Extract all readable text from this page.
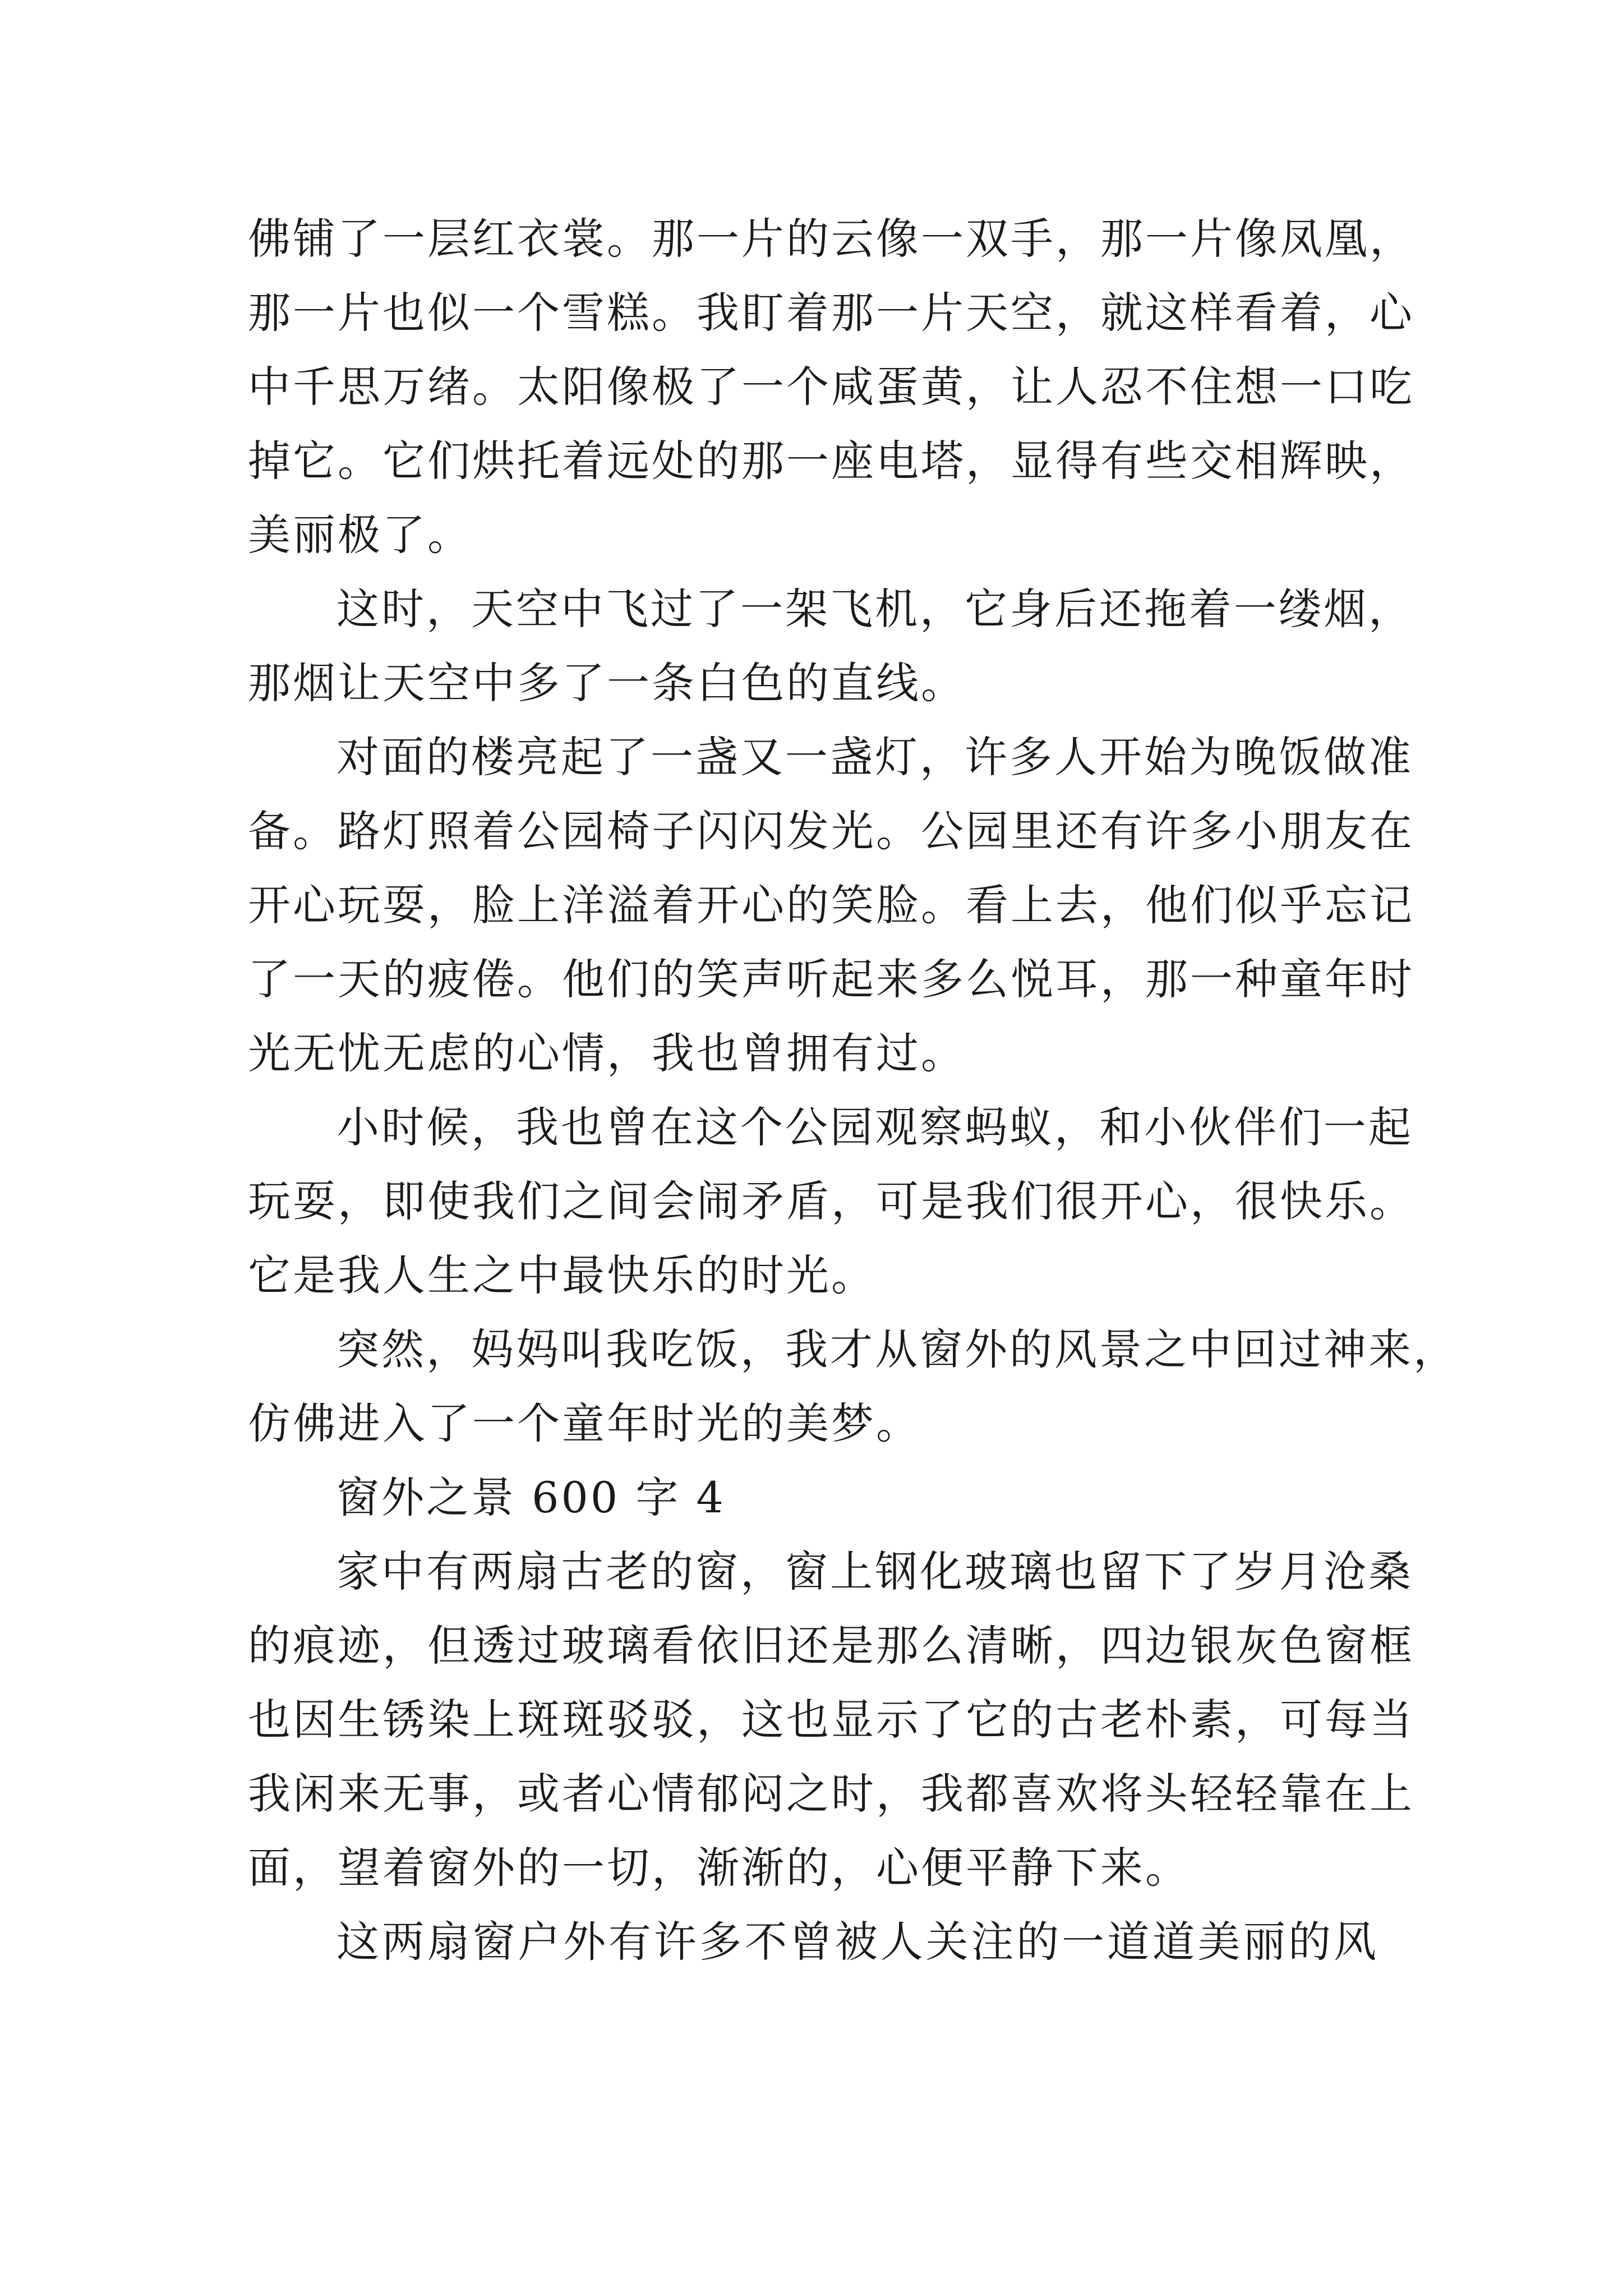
佛铺了一层红衣裳。那一片的云像一双手，那一片像凤凰，
那一片也似一个雪糕。我盯着那一片天空，就这样看着，心
中千思万绪。太阳像极了一个咸蛋黄，让人忍不住想一口吃
掉它。它们烘托着远处的那一座电塔，显得有些交相辉映，
美丽极了。
这时，天空中飞过了一架飞机，它身后还拖着一缕烟，
那烟让天空中多了一条白色的直线。
对面的楼亮起了一盏又一盏灯，许多人开始为晚饭做准
备。路灯照着公园椅子闪闪发光。公园里还有许多小朋友在
开心玩耍，脸上洋溢着开心的笑脸。看上去，他们似乎忘记
了一天的疲倦。他们的笑声听起来多么悦耳，那一种童年时
光无忧无虑的心情，我也曾拥有过。
小时候，我也曾在这个公园观察蚂蚁，和小伙伴们一起
玩耍，即使我们之间会闹矛盾，可是我们很开心，很快乐。
它是我人生之中最快乐的时光。
突然，妈妈叫我吃饭，我才从窗外的风景之中回过神来，
仿佛进入了一个童年时光的美梦。
窗外之景 600 字 4
家中有两扇古老的窗，窗上钢化玻璃也留下了岁月沧桑
的痕迹，但透过玻璃看依旧还是那么清晰，四边银灰色窗框
也因生锈染上斑斑驳驳，这也显示了它的古老朴素，可每当
我闲来无事，或者心情郁闷之时，我都喜欢将头轻轻靠在上
面，望着窗外的一切，渐渐的，心便平静下来。
这两扇窗户外有许多不曾被人关注的一道道美丽的风
